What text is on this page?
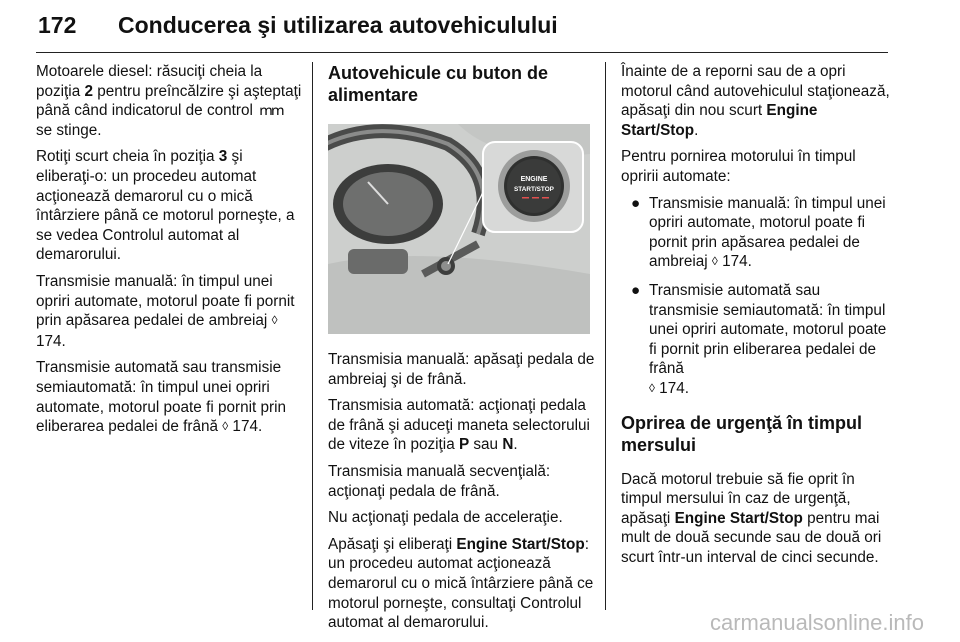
172 Conducerea şi utilizarea autovehiculului

Motoarele diesel: răsuciţi cheia la poziţia 2 pentru preîncălzire şi aşteptaţi până când indicatorul de control ՠՠ se stinge.

Rotiţi scurt cheia în poziţia 3 şi eliberaţi-o: un procedeu automat acţionează demarorul cu o mică întârziere până ce motorul porneşte, a se vedea Controlul automat al demarorului.

Transmisie manuală: în timpul unei opriri automate, motorul poate fi pornit prin apăsarea pedalei de ambreiaj ◊ 174.

Transmisie automată sau transmisie semiautomată: în timpul unei opriri automate, motorul poate fi pornit prin eliberarea pedalei de frână ◊ 174.

Autovehicule cu buton de alimentare
ENGINE
START/STOP

Transmisia manuală: apăsaţi pedala de ambreiaj şi de frână.

Transmisia automată: acţionaţi pedala de frână şi aduceţi maneta selectorului de viteze în poziţia P sau N.

Transmisia manuală secvenţială: acţionaţi pedala de frână.

Nu acţionaţi pedala de acceleraţie.

Apăsaţi şi eliberaţi Engine Start/Stop: un procedeu automat acţionează demarorul cu o mică întârziere până ce motorul porneşte, consultaţi Controlul automat al demarorului.

Înainte de a reporni sau de a opri motorul când autovehiculul staţionează, apăsaţi din nou scurt Engine Start/Stop.

Pentru pornirea motorului în timpul opririi automate:

● Transmisie manuală: în timpul unei opriri automate, motorul poate fi pornit prin apăsarea pedalei de ambreiaj ◊ 174.
● Transmisie automată sau transmisie semiautomată: în timpul unei opriri automate, motorul poate fi pornit prin eliberarea pedalei de frână
◊ 174.
Oprirea de urgenţă în timpul mersului

Dacă motorul trebuie să fie oprit în timpul mersului în caz de urgenţă, apăsaţi Engine Start/Stop pentru mai mult de două secunde sau de două ori scurt într-un interval de cinci secunde.

carmanualsonline.info
